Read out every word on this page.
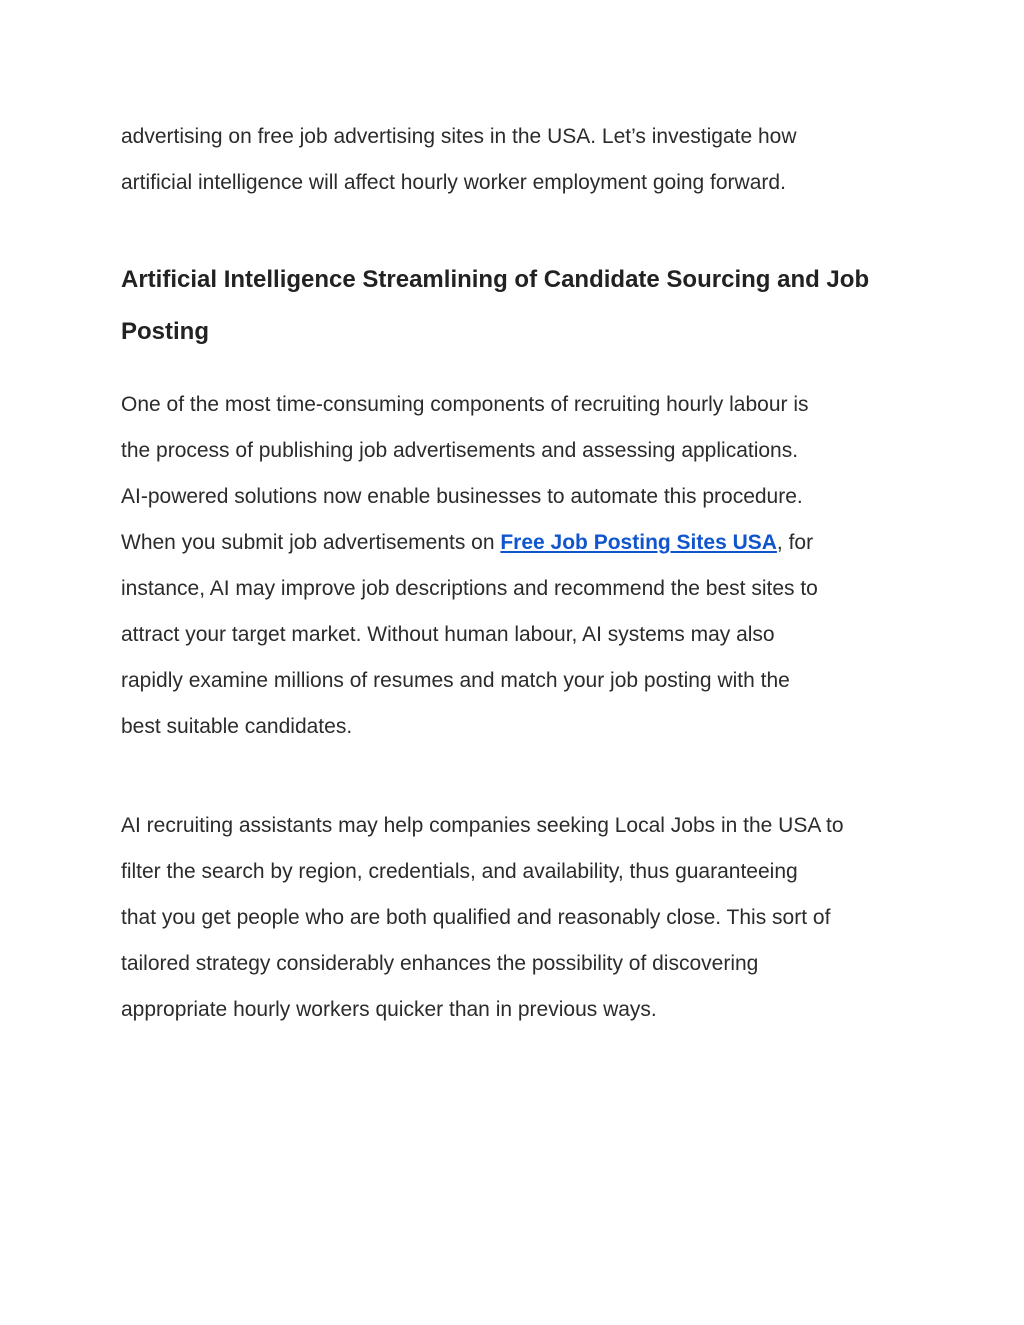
advertising on free job advertising sites in the USA. Let’s investigate how

artificial intelligence will affect hourly worker employment going forward.

Artificial Intelligence Streamlining of Candidate Sourcing and Job

Posting

One of the most time-consuming components of recruiting hourly labour is

the process of publishing job advertisements and assessing applications.

AI-powered solutions now enable businesses to automate this procedure.

When you submit job advertisements on Free Job Posting Sites USA, for

instance, AI may improve job descriptions and recommend the best sites to

attract your target market. Without human labour, AI systems may also

rapidly examine millions of resumes and match your job posting with the

best suitable candidates.

AI recruiting assistants may help companies seeking Local Jobs in the USA to

filter the search by region, credentials, and availability, thus guaranteeing

that you get people who are both qualified and reasonably close. This sort of

tailored strategy considerably enhances the possibility of discovering

appropriate hourly workers quicker than in previous ways.
